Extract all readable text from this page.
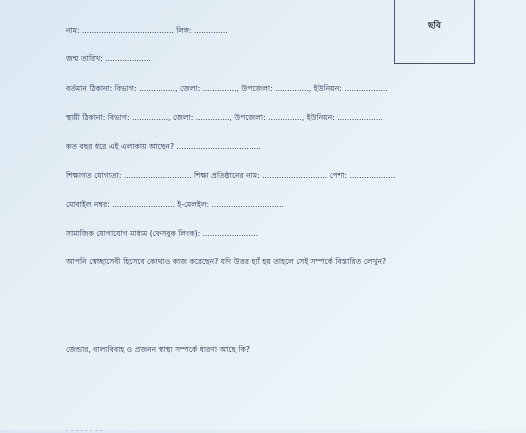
ছবি
নাম: ...................................... লিঙ্গ: ..............
জন্ম তারিখ: ...................
বর্তমান ঠিকানা: বিভাগ: ..............., জেলা: .............., উপজেলা: .............., ইউনিয়ন: ..................
স্থায়ী ঠিকানা: বিভাগ: ..............., জেলা: .............., উপজেলা: .............., ইউনিয়ন: ...................
কত বছর ধরে এই এলাকায় আছেন? ...................................
শিক্ষাগত যোগ্যতা: ............................ শিক্ষা প্রতিষ্ঠানের নাম: ........................... পেশা: ...................
মোবাইল নম্বর: .......................... ই-মেলইল: ..............................
সামাজিক যোগাযোগ মাধ্যম (ফেসবুক লিংক): .......................
আপনি স্বেচ্ছাসেবী হিসেবে কোথাও কাজ করেছেন? যদি উত্তর হ্যাঁ হয় তাহলে সেই সম্পর্কে বিস্তারিত লেখুন?
জেন্ডার, বাল্যবিবাহ ও প্রজনন স্বাস্থ্য সম্পর্কে ধারণা আছে কি?
. . . . . . . .
